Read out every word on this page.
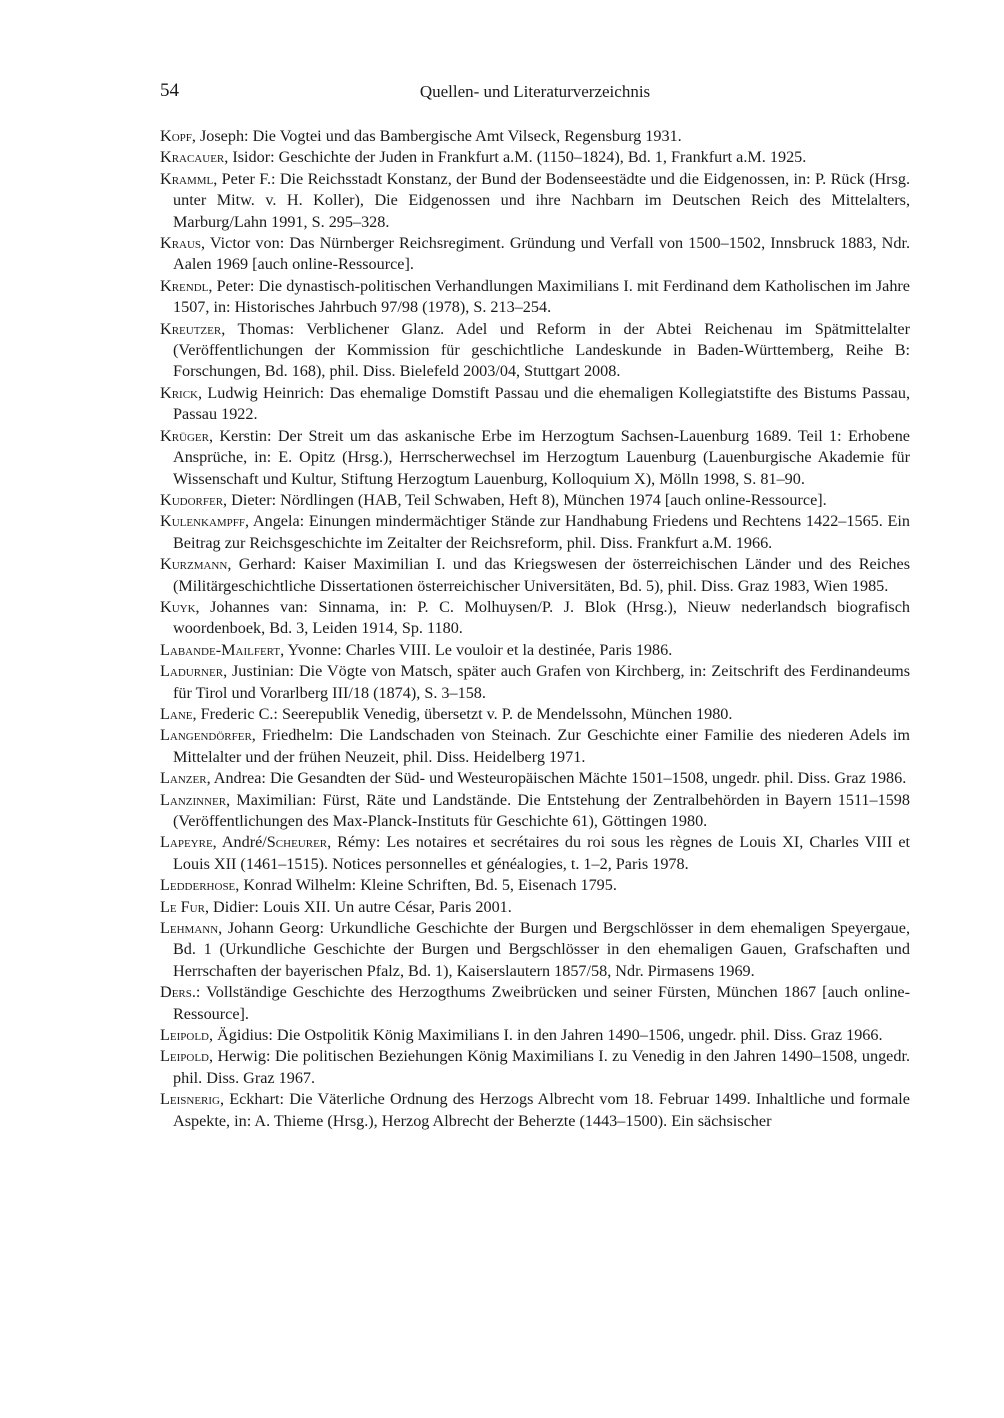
54	Quellen- und Literaturverzeichnis

Kopf, Joseph: Die Vogtei und das Bambergische Amt Vilseck, Regensburg 1931.

Kracauer, Isidor: Geschichte der Juden in Frankfurt a.M. (1150–1824), Bd. 1, Frankfurt a.M. 1925.

Kramml, Peter F.: Die Reichsstadt Konstanz, der Bund der Bodenseestädte und die Eidgenossen, in: P. Rück (Hrsg. unter Mitw. v. H. Koller), Die Eidgenossen und ihre Nachbarn im Deutschen Reich des Mittelalters, Marburg/Lahn 1991, S. 295–328.

Kraus, Victor von: Das Nürnberger Reichsregiment. Gründung und Verfall von 1500–1502, Innsbruck 1883, Ndr. Aalen 1969 [auch online-Ressource].

Krendl, Peter: Die dynastisch-politischen Verhandlungen Maximilians I. mit Ferdinand dem Katholischen im Jahre 1507, in: Historisches Jahrbuch 97/98 (1978), S. 213–254.

Kreutzer, Thomas: Verblichener Glanz. Adel und Reform in der Abtei Reichenau im Spätmittelalter (Veröffentlichungen der Kommission für geschichtliche Landeskunde in Baden-Württemberg, Reihe B: Forschungen, Bd. 168), phil. Diss. Bielefeld 2003/04, Stuttgart 2008.

Krick, Ludwig Heinrich: Das ehemalige Domstift Passau und die ehemaligen Kollegiatstifte des Bistums Passau, Passau 1922.

Krüger, Kerstin: Der Streit um das askanische Erbe im Herzogtum Sachsen-Lauenburg 1689. Teil 1: Erhobene Ansprüche, in: E. Opitz (Hrsg.), Herrscherwechsel im Herzogtum Lauenburg (Lauenburgische Akademie für Wissenschaft und Kultur, Stiftung Herzogtum Lauenburg, Kolloquium X), Mölln 1998, S. 81–90.

Kudorfer, Dieter: Nördlingen (HAB, Teil Schwaben, Heft 8), München 1974 [auch online-Ressource].

Kulenkampff, Angela: Einungen mindermächtiger Stände zur Handhabung Friedens und Rechtens 1422–1565. Ein Beitrag zur Reichsgeschichte im Zeitalter der Reichsreform, phil. Diss. Frankfurt a.M. 1966.

Kurzmann, Gerhard: Kaiser Maximilian I. und das Kriegswesen der österreichischen Länder und des Reiches (Militärgeschichtliche Dissertationen österreichischer Universitäten, Bd. 5), phil. Diss. Graz 1983, Wien 1985.

Kuyk, Johannes van: Sinnama, in: P. C. Molhuysen/P. J. Blok (Hrsg.), Nieuw nederlandsch biografisch woordenboek, Bd. 3, Leiden 1914, Sp. 1180.

Labande-Mailfert, Yvonne: Charles VIII. Le vouloir et la destinée, Paris 1986.

Ladurner, Justinian: Die Vögte von Matsch, später auch Grafen von Kirchberg, in: Zeitschrift des Ferdinandeums für Tirol und Vorarlberg III/18 (1874), S. 3–158.

Lane, Frederic C.: Seerepublik Venedig, übersetzt v. P. de Mendelssohn, München 1980.

Langendörfer, Friedhelm: Die Landschaden von Steinach. Zur Geschichte einer Familie des niederen Adels im Mittelalter und der frühen Neuzeit, phil. Diss. Heidelberg 1971.

Lanzer, Andrea: Die Gesandten der Süd- und Westeuropäischen Mächte 1501–1508, ungedr. phil. Diss. Graz 1986.

Lanzinner, Maximilian: Fürst, Räte und Landstände. Die Entstehung der Zentralbehörden in Bayern 1511–1598 (Veröffentlichungen des Max-Planck-Instituts für Geschichte 61), Göttingen 1980.

Lapeyre, André/Scheurer, Rémy: Les notaires et secrétaires du roi sous les règnes de Louis XI, Charles VIII et Louis XII (1461–1515). Notices personnelles et généalogies, t. 1–2, Paris 1978.

Ledderhose, Konrad Wilhelm: Kleine Schriften, Bd. 5, Eisenach 1795.

Le Fur, Didier: Louis XII. Un autre César, Paris 2001.

Lehmann, Johann Georg: Urkundliche Geschichte der Burgen und Bergschlösser in dem ehemaligen Speyergaue, Bd. 1 (Urkundliche Geschichte der Burgen und Bergschlösser in den ehemaligen Gauen, Grafschaften und Herrschaften der bayerischen Pfalz, Bd. 1), Kaiserslautern 1857/58, Ndr. Pirmasens 1969.

Ders.: Vollständige Geschichte des Herzogthums Zweibrücken und seiner Fürsten, München 1867 [auch online-Ressource].

Leipold, Ägidius: Die Ostpolitik König Maximilians I. in den Jahren 1490–1506, ungedr. phil. Diss. Graz 1966.

Leipold, Herwig: Die politischen Beziehungen König Maximilians I. zu Venedig in den Jahren 1490–1508, ungedr. phil. Diss. Graz 1967.

Leisnerig, Eckhart: Die Väterliche Ordnung des Herzogs Albrecht vom 18. Februar 1499. Inhaltliche und formale Aspekte, in: A. Thieme (Hrsg.), Herzog Albrecht der Beherzte (1443–1500). Ein sächsischer
